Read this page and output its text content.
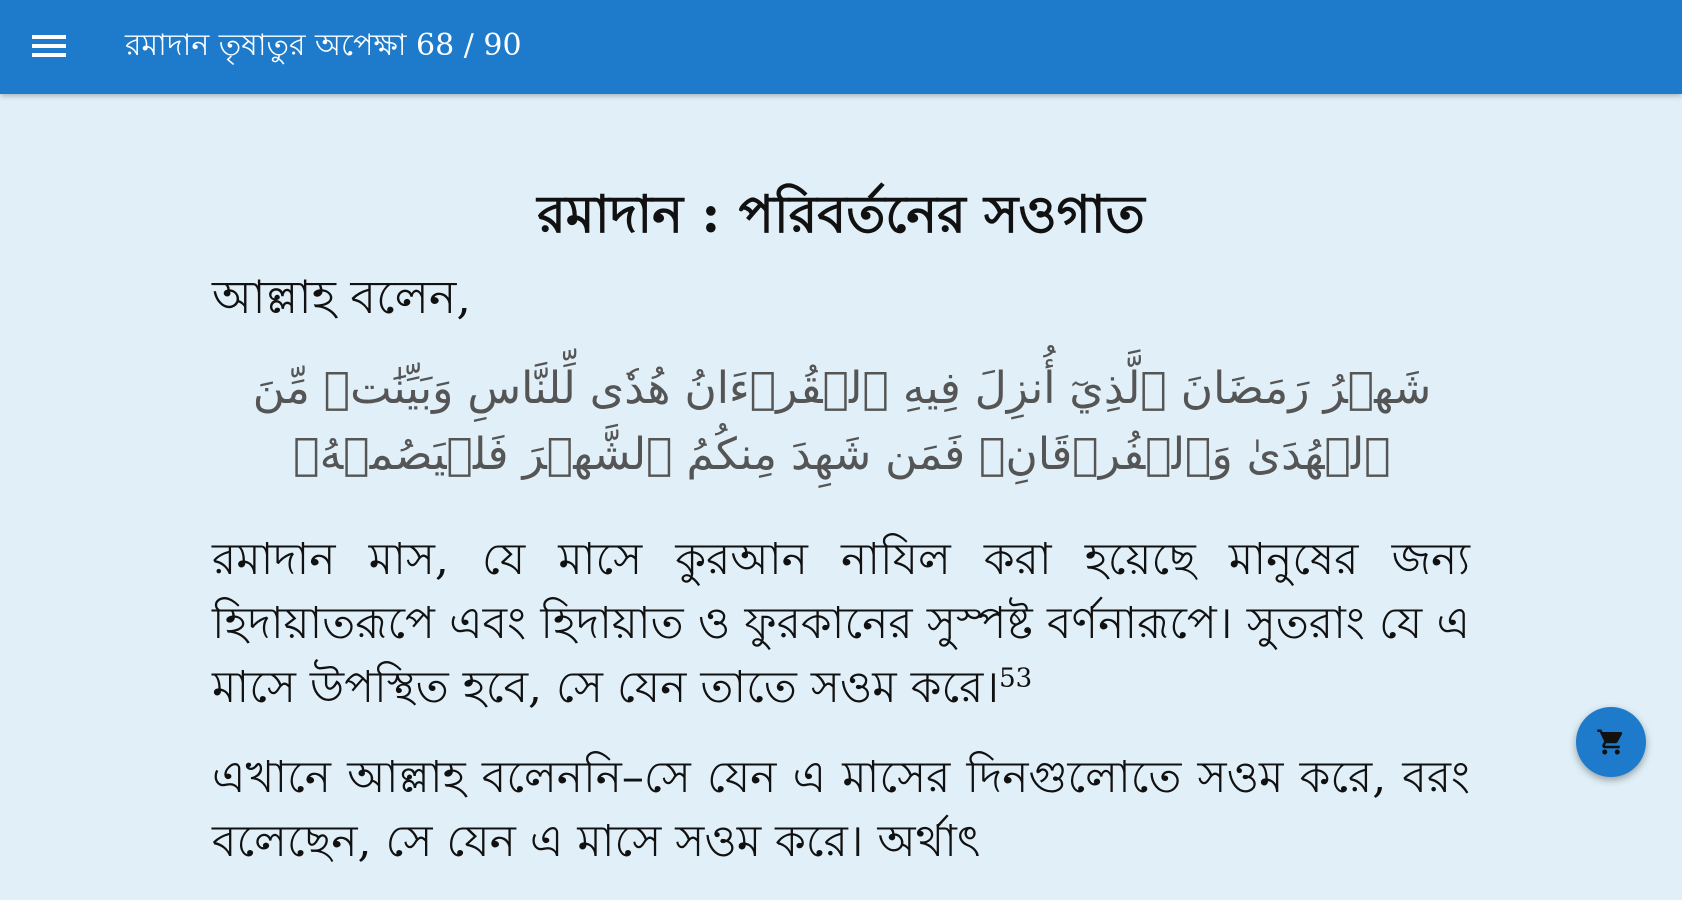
রমাদান তৃষাতুর অপেক্ষা 68 / 90
রমাদান : পরিবর্তনের সওগাত

আল্লাহ বলেন,

شَهۡرُ رَمَضَانَ ٱلَّذِيٓ أُنزِلَ فِيهِ ٱلۡقُرۡءَانُ هُدٗى لِّلنَّاسِ وَبَيِّنَٰتٖ مِّنَ ٱلۡهُدَىٰ وَٱلۡفُرۡقَانِۚ فَمَن شَهِدَ مِنكُمُ ٱلشَّهۡرَ فَلۡيَصُمۡهُۖ

রমাদান মাস, যে মাসে কুরআন নাযিল করা হয়েছে মানুষের জন্য হিদায়াতরূপে এবং হিদায়াত ও ফুরকানের সুস্পষ্ট বর্ণনারূপে। সুতরাং যে এ মাসে উপস্থিত হবে, সে যেন তাতে সওম করে।$^{53}$

এখানে আল্লাহ বলেননি–সে যেন এ মাসের দিনগুলোতে সওম করে, বরং বলেছেন, সে যেন এ মাসে সওম করে। অর্থাৎ
